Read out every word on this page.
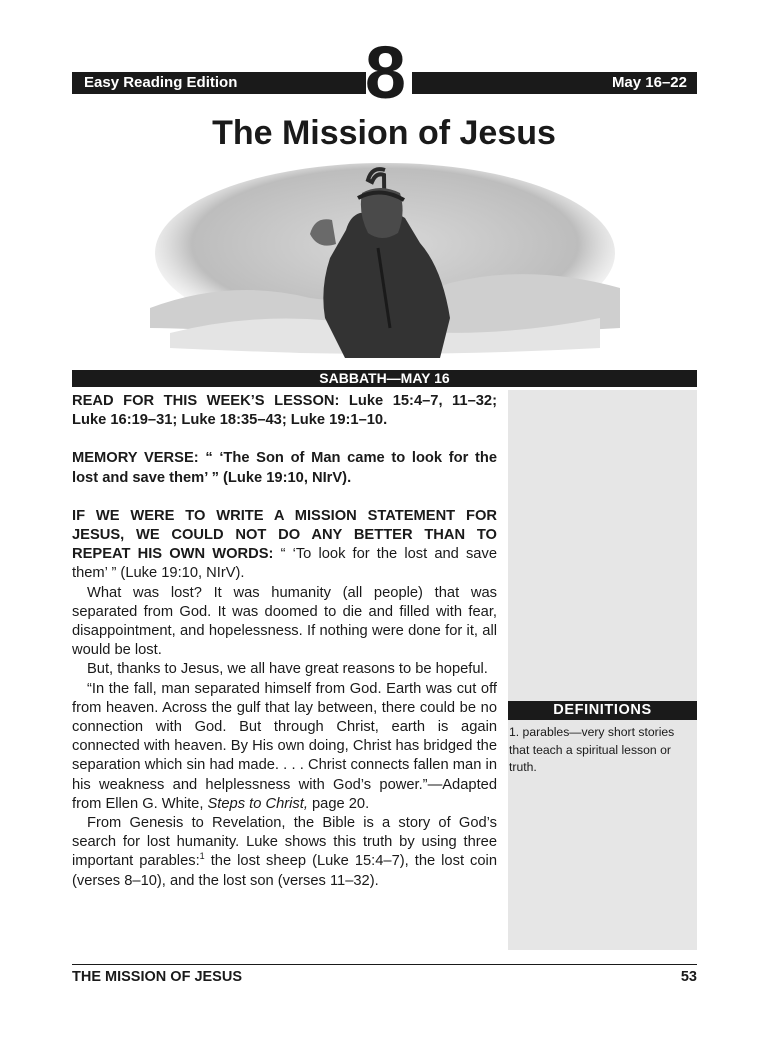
Easy Reading Edition	8	May 16–22
The Mission of Jesus
SABBATH—MAY 16
DEFINITIONS
1. parables—very short stories that teach a spiritual lesson or truth.

READ FOR THIS WEEK’S LESSON: Luke 15:4–7, 11–32; Luke 16:19–31; Luke 18:35–43; Luke 19:1–10.

MEMORY VERSE: “ ‘The Son of Man came to look for the lost and save them’ ” (Luke 19:10, NIrV).

IF WE WERE TO WRITE A MISSION STATEMENT FOR JESUS, WE COULD NOT DO ANY BETTER THAN TO REPEAT HIS OWN WORDS: “ ‘To look for the lost and save them’ ” (Luke 19:10, NIrV).

What was lost? It was humanity (all people) that was separated from God. It was doomed to die and filled with fear, disappointment, and hopelessness. If nothing were done for it, all would be lost.

But, thanks to Jesus, we all have great reasons to be hopeful.

“In the fall, man separated himself from God. Earth was cut off from heaven. Across the gulf that lay between, there could be no connection with God. But through Christ, earth is again connected with heaven. By His own doing, Christ has bridged the separation which sin had made. . . . Christ connects fallen man in his weakness and helplessness with God’s power.”—Adapted from Ellen G. White, Steps to Christ, page 20.

From Genesis to Revelation, the Bible is a story of God’s search for lost humanity. Luke shows this truth by using three important parables:$^1$ the lost sheep (Luke 15:4–7), the lost coin (verses 8–10), and the lost son (verses 11–32).

THE MISSION OF JESUS	53
